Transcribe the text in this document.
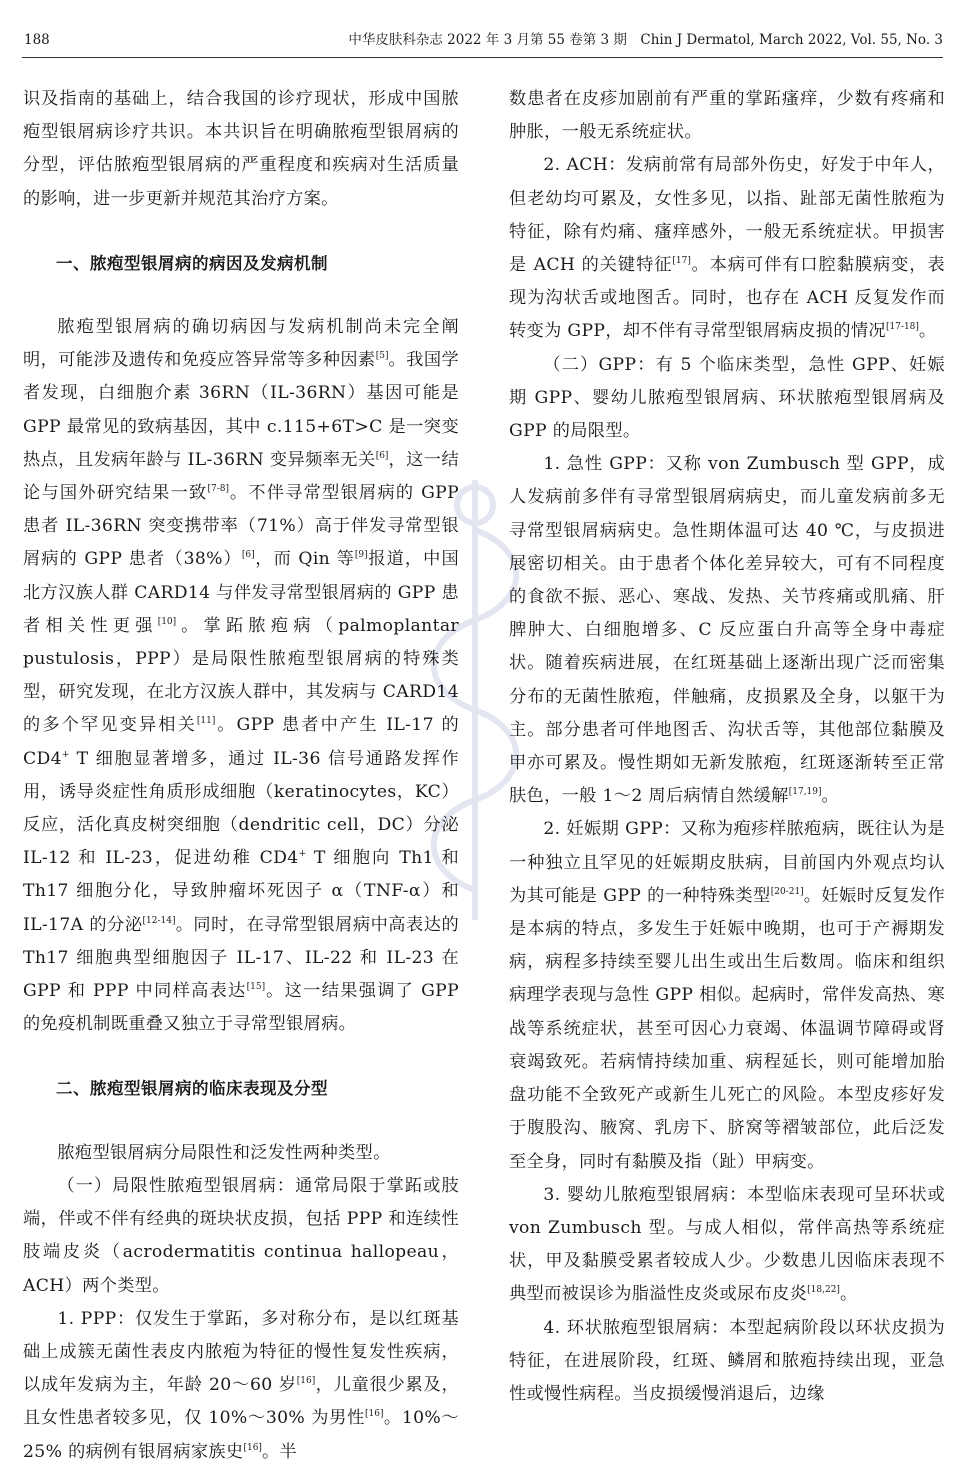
188	中华皮肤科杂志 2022 年 3 月第 55 卷第 3 期　Chin J Dermatol, March 2022, Vol. 55, No. 3

识及指南的基础上，结合我国的诊疗现状，形成中国脓疱型银屑病诊疗共识。本共识旨在明确脓疱型银屑病的分型，评估脓疱型银屑病的严重程度和疾病对生活质量的影响，进一步更新并规范其治疗方案。

一、脓疱型银屑病的病因及发病机制

脓疱型银屑病的确切病因与发病机制尚未完全阐明，可能涉及遗传和免疫应答异常等多种因素[5]。我国学者发现，白细胞介素 36RN（IL-36RN）基因可能是 GPP 最常见的致病基因，其中 c.115+6T>C 是一突变热点，且发病年龄与 IL-36RN 变异频率无关[6]，这一结论与国外研究结果一致[7-8]。不伴寻常型银屑病的 GPP 患者 IL-36RN 突变携带率（71%）高于伴发寻常型银屑病的 GPP 患者（38%）[6]，而 Qin 等[9]报道，中国北方汉族人群 CARD14 与伴发寻常型银屑病的 GPP 患者相关性更强[10]。掌跖脓疱病（palmoplantar pustulosis，PPP）是局限性脓疱型银屑病的特殊类型，研究发现，在北方汉族人群中，其发病与 CARD14 的多个罕见变异相关[11]。GPP 患者中产生 IL-17 的 CD4+ T 细胞显著增多，通过 IL-36 信号通路发挥作用，诱导炎症性角质形成细胞（keratinocytes，KC）反应，活化真皮树突细胞（dendritic cell，DC）分泌 IL-12 和 IL-23，促进幼稚 CD4+ T 细胞向 Th1 和 Th17 细胞分化，导致肿瘤坏死因子 α（TNF-α）和 IL-17A 的分泌[12-14]。同时，在寻常型银屑病中高表达的 Th17 细胞典型细胞因子 IL-17、IL-22 和 IL-23 在 GPP 和 PPP 中同样高表达[15]。这一结果强调了 GPP 的免疫机制既重叠又独立于寻常型银屑病。

二、脓疱型银屑病的临床表现及分型

脓疱型银屑病分局限性和泛发性两种类型。

（一）局限性脓疱型银屑病：通常局限于掌跖或肢端，伴或不伴有经典的斑块状皮损，包括 PPP 和连续性肢端皮炎（acrodermatitis continua hallopeau，ACH）两个类型。

1. PPP：仅发生于掌跖，多对称分布，是以红斑基础上成簇无菌性表皮内脓疱为特征的慢性复发性疾病，以成年发病为主，年龄 20～60 岁[16]，儿童很少累及，且女性患者较多见，仅 10%～30% 为男性[16]。10%～25% 的病例有银屑病家族史[16]。半

数患者在皮疹加剧前有严重的掌跖瘙痒，少数有疼痛和肿胀，一般无系统症状。

2. ACH：发病前常有局部外伤史，好发于中年人，但老幼均可累及，女性多见，以指、趾部无菌性脓疱为特征，除有灼痛、瘙痒感外，一般无系统症状。甲损害是 ACH 的关键特征[17]。本病可伴有口腔黏膜病变，表现为沟状舌或地图舌。同时，也存在 ACH 反复发作而转变为 GPP，却不伴有寻常型银屑病皮损的情况[17-18]。

（二）GPP：有 5 个临床类型，急性 GPP、妊娠期 GPP、婴幼儿脓疱型银屑病、环状脓疱型银屑病及 GPP 的局限型。

1. 急性 GPP：又称 von Zumbusch 型 GPP，成人发病前多伴有寻常型银屑病病史，而儿童发病前多无寻常型银屑病病史。急性期体温可达 40 ℃，与皮损进展密切相关。由于患者个体化差异较大，可有不同程度的食欲不振、恶心、寒战、发热、关节疼痛或肌痛、肝脾肿大、白细胞增多、C 反应蛋白升高等全身中毒症状。随着疾病进展，在红斑基础上逐渐出现广泛而密集分布的无菌性脓疱，伴触痛，皮损累及全身，以躯干为主。部分患者可伴地图舌、沟状舌等，其他部位黏膜及甲亦可累及。慢性期如无新发脓疱，红斑逐渐转至正常肤色，一般 1～2 周后病情自然缓解[17,19]。

2. 妊娠期 GPP：又称为疱疹样脓疱病，既往认为是一种独立且罕见的妊娠期皮肤病，目前国内外观点均认为其可能是 GPP 的一种特殊类型[20-21]。妊娠时反复发作是本病的特点，多发生于妊娠中晚期，也可于产褥期发病，病程多持续至婴儿出生或出生后数周。临床和组织病理学表现与急性 GPP 相似。起病时，常伴发高热、寒战等系统症状，甚至可因心力衰竭、体温调节障碍或肾衰竭致死。若病情持续加重、病程延长，则可能增加胎盘功能不全致死产或新生儿死亡的风险。本型皮疹好发于腹股沟、腋窝、乳房下、脐窝等褶皱部位，此后泛发至全身，同时有黏膜及指（趾）甲病变。

3. 婴幼儿脓疱型银屑病：本型临床表现可呈环状或 von Zumbusch 型。与成人相似，常伴高热等系统症状，甲及黏膜受累者较成人少。少数患儿因临床表现不典型而被误诊为脂溢性皮炎或尿布皮炎[18,22]。

4. 环状脓疱型银屑病：本型起病阶段以环状皮损为特征，在进展阶段，红斑、鳞屑和脓疱持续出现，亚急性或慢性病程。当皮损缓慢消退后，边缘
